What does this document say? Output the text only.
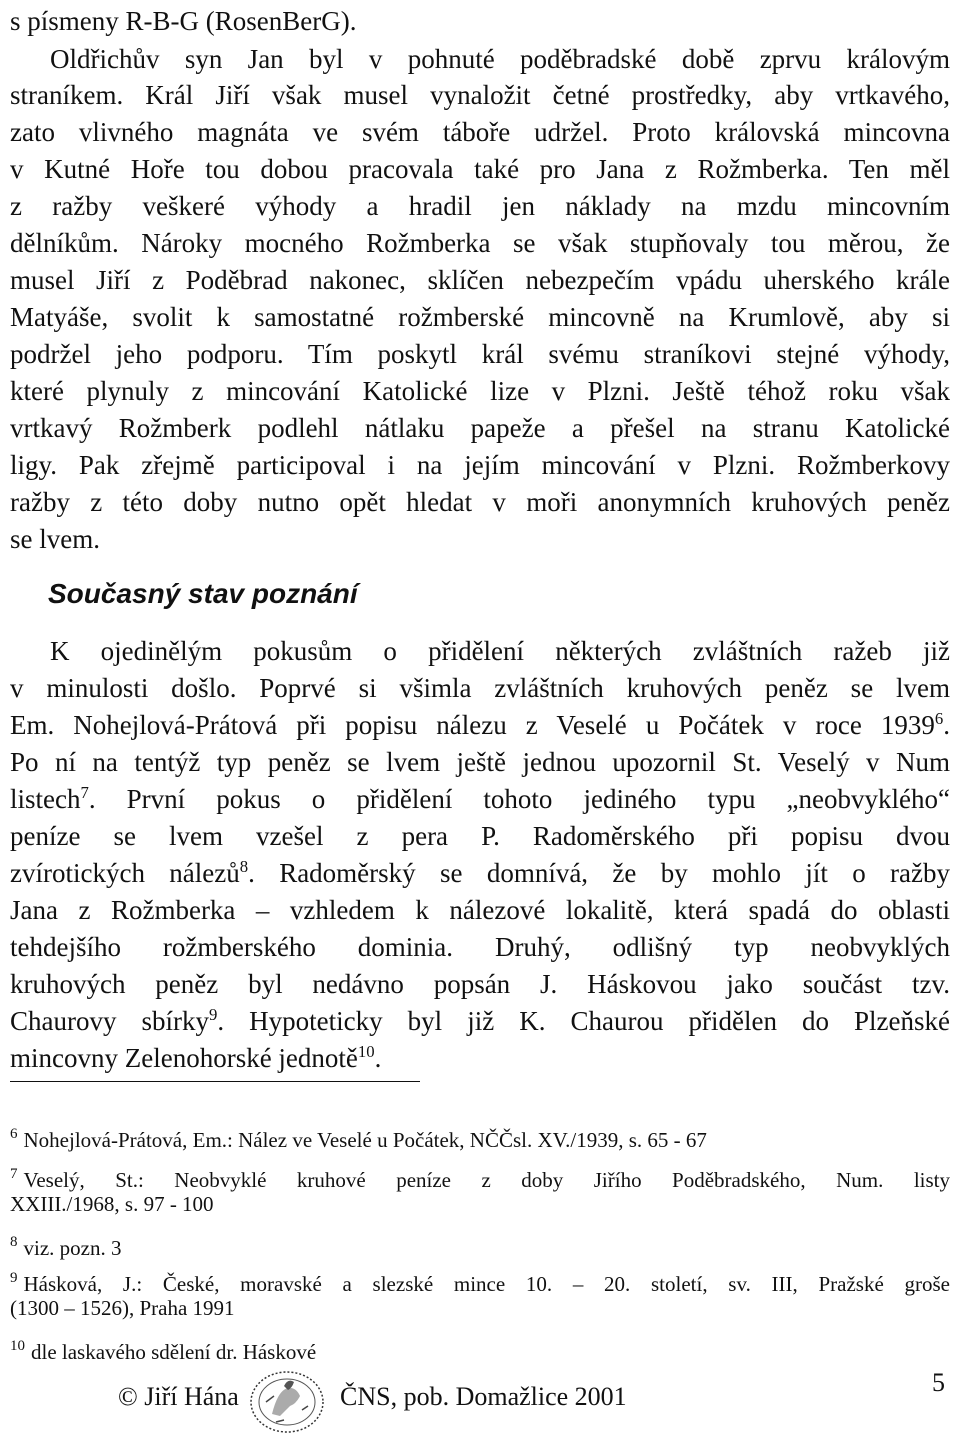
s písmeny R-B-G (RosenBerG).

Oldřichův syn Jan byl v pohnuté poděbradské době zprvu královým

straníkem. Král Jiří však musel vynaložit četné prostředky, aby vrtkavého,

zato vlivného magnáta ve svém táboře udržel. Proto královská mincovna

v Kutné Hoře tou dobou pracovala také pro Jana z Rožmberka. Ten měl

z ražby veškeré výhody a hradil jen náklady na mzdu mincovním

dělníkům. Nároky mocného Rožmberka se však stupňovaly tou měrou, že

musel Jiří z Poděbrad nakonec, sklíčen nebezpečím vpádu uherského krále

Matyáše, svolit k samostatné rožmberské mincovně na Krumlově, aby si

podržel jeho podporu. Tím poskytl král svému straníkovi stejné výhody,

které plynuly z mincování Katolické lize v Plzni. Ještě téhož roku však

vrtkavý Rožmberk podlehl nátlaku papeže a přešel na stranu Katolické

ligy. Pak zřejmě participoval i na jejím mincování v Plzni. Rožmberkovy

ražby z této doby nutno opět hledat v moři anonymních kruhových peněz

se lvem.

Současný stav poznání

K ojedinělým pokusům o přidělení některých zvláštních ražeb již

v minulosti došlo. Poprvé si všimla zvláštních kruhových peněz se lvem

Em. Nohejlová-Prátová při popisu nálezu z Veselé u Počátek v roce 1939$^6$.

Po ní na tentýž typ peněz se lvem ještě jednou upozornil St. Veselý v Num

listech$^7$. První pokus o přidělení tohoto jediného typu „neobvyklého“

peníze se lvem vzešel z pera P. Radoměrského při popisu dvou

zvírotických nálezů$^8$. Radoměrský se domnívá, že by mohlo jít o ražby

Jana z Rožmberka – vzhledem k nálezové lokalitě, která spadá do oblasti

tehdejšího rožmberského dominia. Druhý, odlišný typ neobvyklých

kruhových peněz byl nedávno popsán J. Háskovou jako součást tzv.

Chaurovy sbírky$^9$. Hypoteticky byl již K. Chaurou přidělen do Plzeňské

mincovny Zelenohorské jednotě$^{10}$.

$^6$ Nohejlová-Prátová, Em.: Nález ve Veselé u Počátek, NČČsl. XV./1939, s. 65 - 67

$^7$ Veselý, St.: Neobvyklé kruhové peníze z doby Jiřího Poděbradského, Num. listy

XXIII./1968, s. 97 - 100

$^8$ viz. pozn. 3

$^9$ Hásková, J.: České, moravské a slezské mince 10. – 20. století, sv. III, Pražské groše

(1300 – 1526), Praha 1991

$^{10}$ dle laskavého sdělení dr. Háskové

© Jiří Hána	ČNS, pob. Domažlice 2001	5
